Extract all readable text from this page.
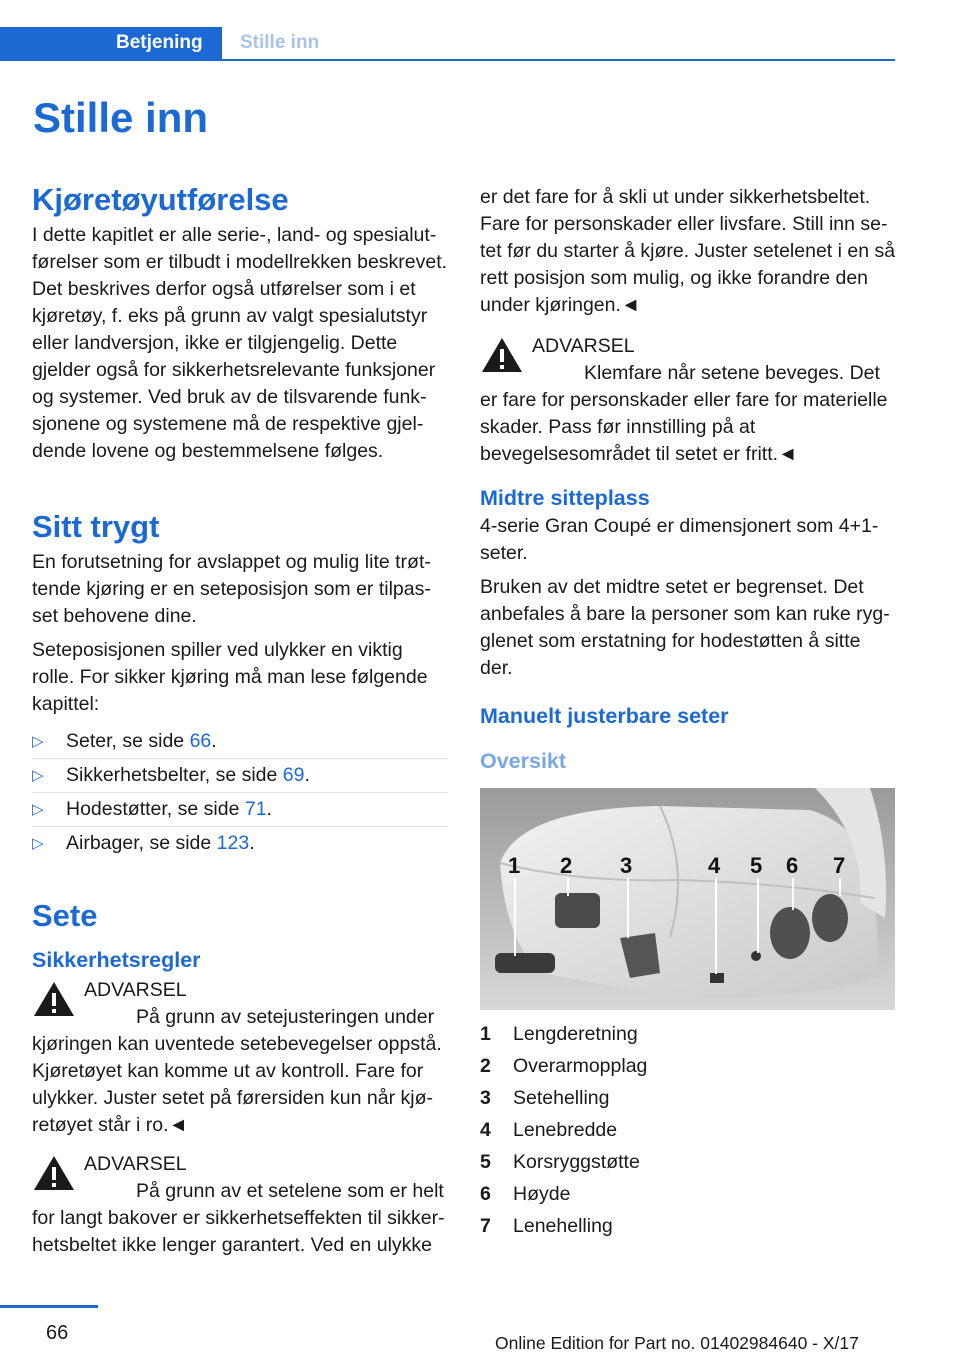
Betjening	Stille inn
Stille inn
Kjøretøyutførelse

I dette kapitlet er alle serie-, land- og spesialutførelser som er tilbudt i modellrekken beskrevet. Det beskrives derfor også utførelser som i et kjøretøy, f. eks på grunn av valgt spesialutstyr eller landversjon, ikke er tilgjengelig. Dette gjelder også for sikkerhetsrelevante funksjoner og systemer. Ved bruk av de tilsvarende funksjonene og systemene må de respektive gjeldende lovene og bestemmelsene følges.

Sitt trygt

En forutsetning for avslappet og mulig lite trøttende kjøring er en seteposisjon som er tilpasset behovene dine.

Seteposisjonen spiller ved ulykker en viktig rolle. For sikker kjøring må man lese følgende kapittel:

▷ Seter, se side 66.
▷ Sikkerhetsbelter, se side 69.
▷ Hodestøtter, se side 71.
▷ Airbager, se side 123.
Sete
Sikkerhetsregler
ADVARSEL
På grunn av setejusteringen under kjøringen kan uventede setebevegelser oppstå. Kjøretøyet kan komme ut av kontroll. Fare for ulykker. Juster setet på førersiden kun når kjøretøyet står i ro.◄
ADVARSEL
På grunn av et setelene som er helt for langt bakover er sikkerhetseffekten til sikkerhetsbeltet ikke lenger garantert. Ved en ulykke

er det fare for å skli ut under sikkerhetsbeltet. Fare for personskader eller livsfare. Still inn setet før du starter å kjøre. Juster setelenet i en så rett posisjon som mulig, og ikke forandre den under kjøringen.◄

ADVARSEL
Klemfare når setene beveges. Det er fare for personskader eller fare for materielle skader. Pass før innstilling på at bevegelsesområdet til setet er fritt.◄
Midtre sitteplass

4-serie Gran Coupé er dimensjonert som 4+1-seter.

Bruken av det midtre setet er begrenset. Det anbefales å bare la personer som kan ruke rygglenet som erstatning for hodestøtten å sitte der.

Manuelt justerbare seter
Oversikt
1 2 3	4 5 6 7
1	Lengderetning
2	Overarmopplag
3	Setehelling
4	Lenebredde
5	Korsryggstøtte
6	Høyde
7	Lenehelling
66	Online Edition for Part no. 01402984640 - X/17
